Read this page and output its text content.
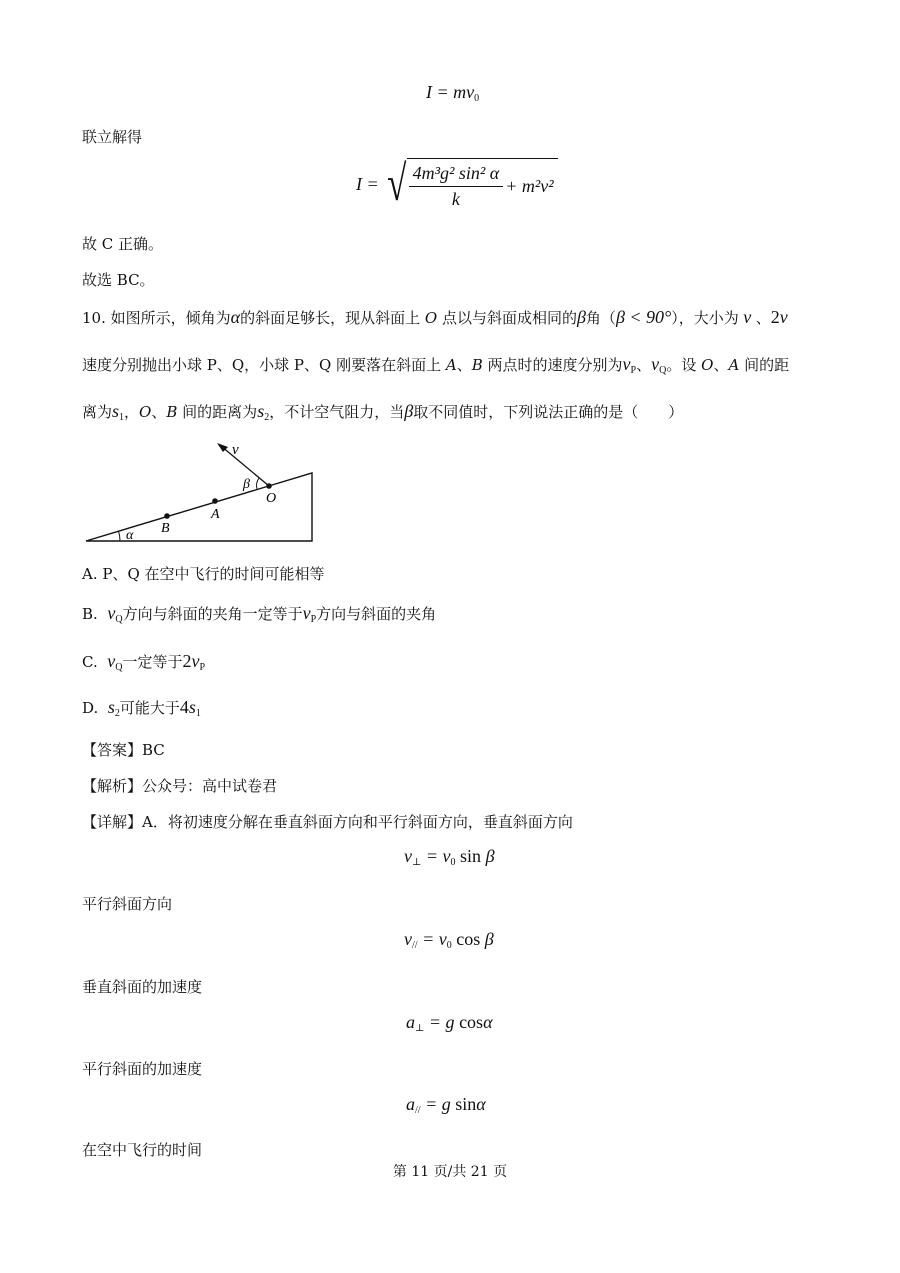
$I = mv_0$
联立解得
I = √ $\frac{\text{4m³g² sin² α}}{k} + m^2v^2$
故 C 正确。
故选 BC。
10. 如图所示，倾角为α的斜面足够长，现从斜面上 O 点以与斜面成相同的β角（β < 90°），大小为 v 、2v
速度分别抛出小球 P、Q，小球 P、Q 刚要落在斜面上 A、B 两点时的速度分别为$v_P$、$v_Q$。设 O、A 间的距
离为$s_1$，O、B 间的距离为$s_2$，不计空气阻力，当β取不同值时，下列说法正确的是（　　）
v
β
O
A
B
α
A. P、Q 在空中飞行的时间可能相等
B. $v_Q$方向与斜面的夹角一定等于$v_P$方向与斜面的夹角
C. $v_Q$一定等于$2v_P$
D. $s_2$可能大于$4s_1$
【答案】BC
【解析】公众号：高中试卷君
【详解】A．将初速度分解在垂直斜面方向和平行斜面方向，垂直斜面方向
$v_\perp = v_0$ sin β
平行斜面方向
$v_{//} = v_0$ cos β
垂直斜面的加速度
$a_\perp = g$ cosα
平行斜面的加速度
$a_{//} = g$ sinα
在空中飞行的时间
第 11 页/共 21 页
